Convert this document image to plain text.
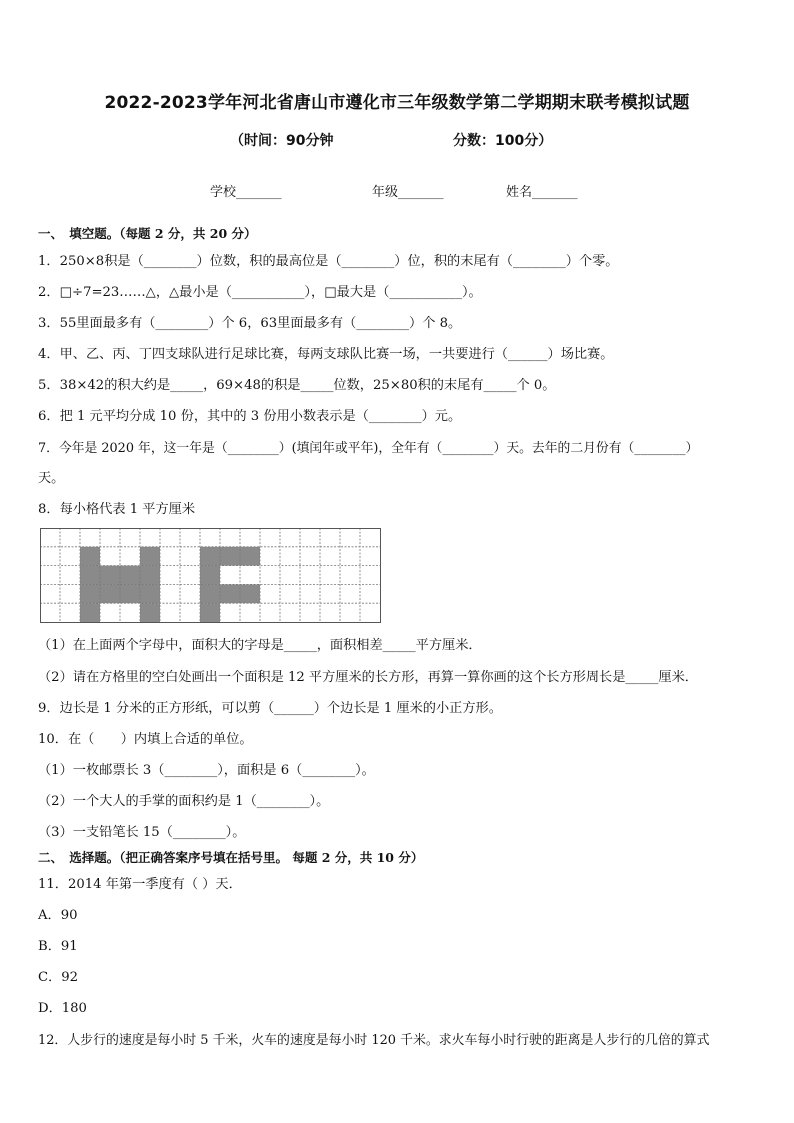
2022-2023学年河北省唐山市遵化市三年级数学第二学期期末联考模拟试题
（时间：90分钟	分数：100分）
学校_______	年级_______	姓名_______
一、　填空题。（每题 2 分，共 20 分）
1．250×8积是（________）位数，积的最高位是（________）位，积的末尾有（________）个零。
2．□÷7=23……△，△最小是（___________），□最大是（___________）。
3．55里面最多有（________）个 6，63里面最多有（________）个 8。
4．甲、乙、丙、丁四支球队进行足球比赛，每两支球队比赛一场，一共要进行（______）场比赛。
5．38×42的积大约是_____，69×48的积是_____位数，25×80积的末尾有_____个 0。
6．把 1 元平均分成 10 份，其中的 3 份用小数表示是（________）元。
7．今年是 2020 年，这一年是（________）(填闰年或平年)，全年有（________）天。去年的二月份有（________）
天。
8．每小格代表 1 平方厘米
（1）在上面两个字母中，面积大的字母是_____，面积相差_____平方厘米．
（2）请在方格里的空白处画出一个面积是 12 平方厘米的长方形，再算一算你画的这个长方形周长是_____厘米．
9．边长是 1 分米的正方形纸，可以剪（______）个边长是 1 厘米的小正方形。
10．在（　　）内填上合适的单位。
（1）一枚邮票长 3（________），面积是 6（________）。
（2）一个大人的手掌的面积约是 1（________）。
（3）一支铅笔长 15（________）。
二、　选择题。（把正确答案序号填在括号里。 每题 2 分，共 10 分）
11．2014 年第一季度有（ ）天．
A．90
B．91
C．92
D．180
12．人步行的速度是每小时 5 千米，火车的速度是每小时 120 千米。求火车每小时行驶的距离是人步行的几倍的算式
